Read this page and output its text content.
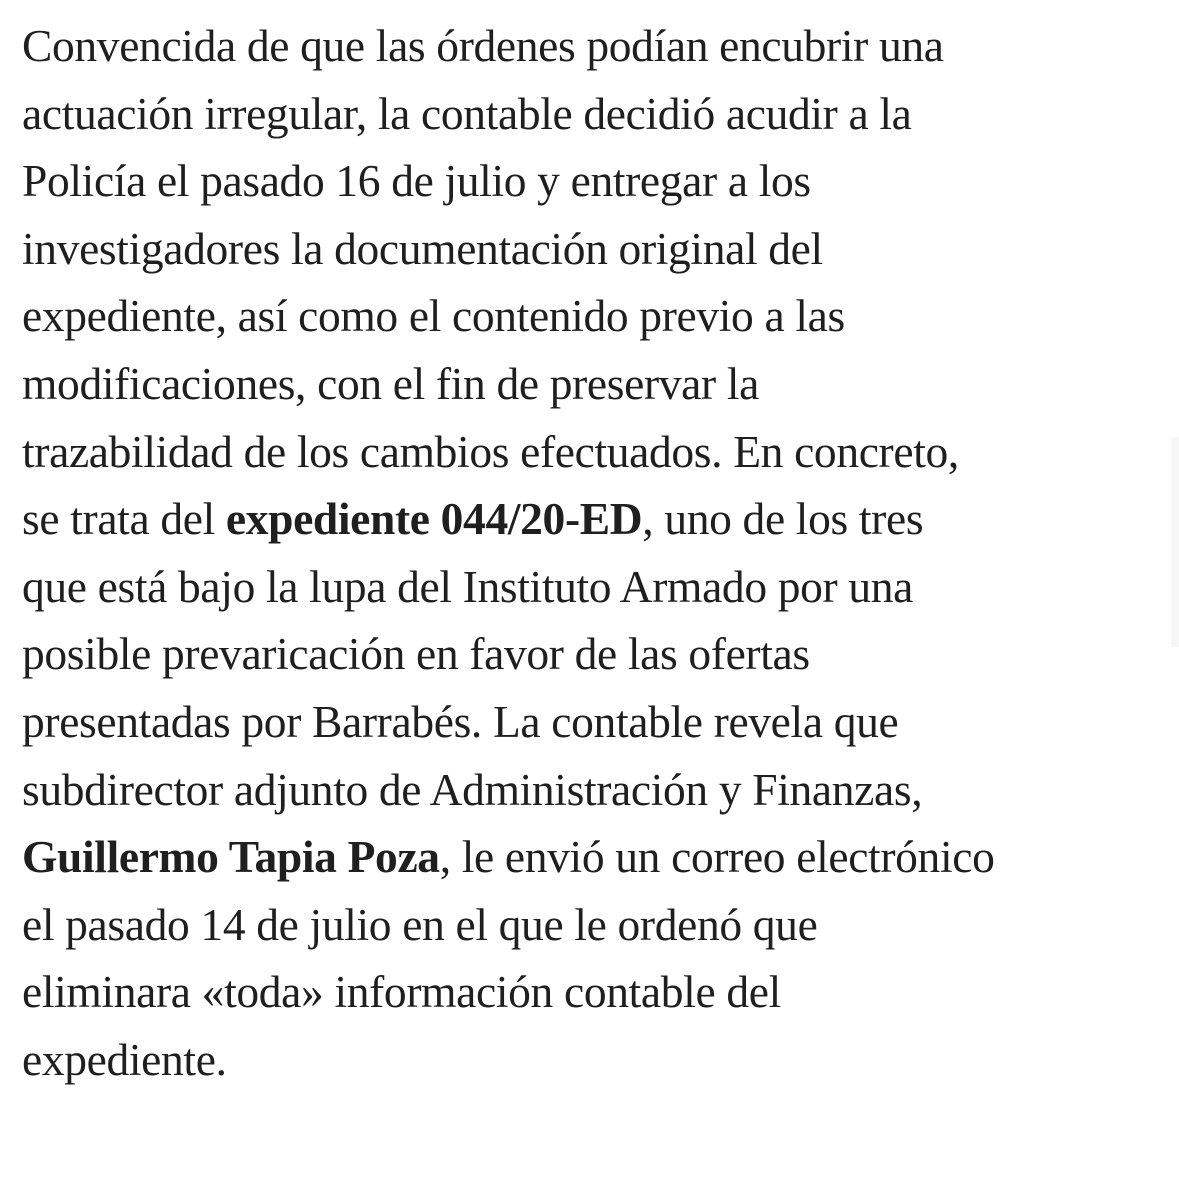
Convencida de que las órdenes podían encubrir una
actuación irregular, la contable decidió acudir a la
Policía el pasado 16 de julio y entregar a los
investigadores la documentación original del
expediente, así como el contenido previo a las
modificaciones, con el fin de preservar la
trazabilidad de los cambios efectuados. En concreto,
se trata del expediente 044/20-ED, uno de los tres
que está bajo la lupa del Instituto Armado por una
posible prevaricación en favor de las ofertas
presentadas por Barrabés. La contable revela que
subdirector adjunto de Administración y Finanzas,
Guillermo Tapia Poza, le envió un correo electrónico
el pasado 14 de julio en el que le ordenó que
eliminara «toda» información contable del
expediente.
